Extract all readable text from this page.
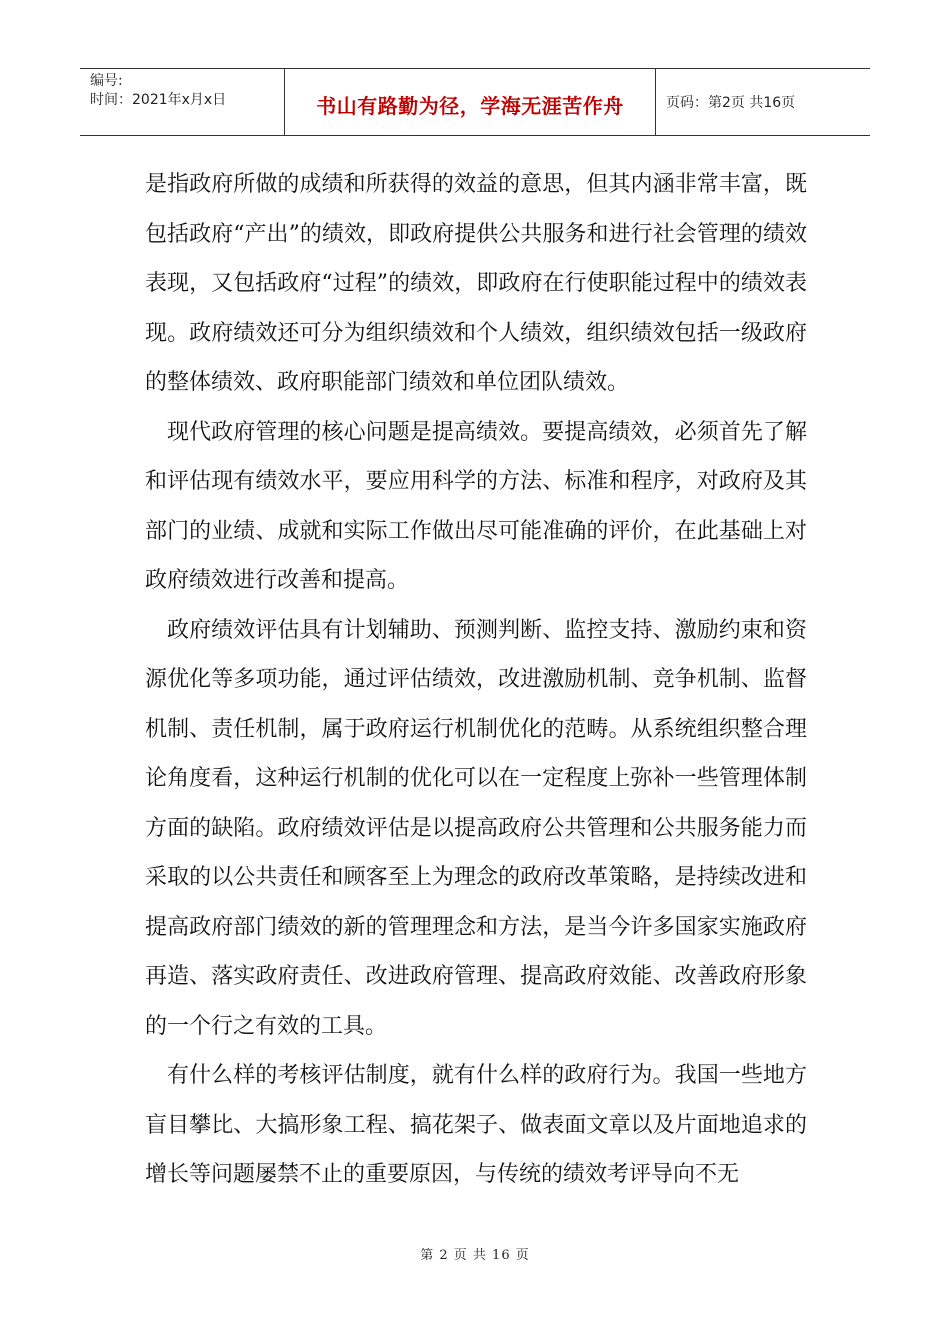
编号:
时间：2021年x月x日	书山有路勤为径，学海无涯苦作舟	页码：第2页 共16页

是指政府所做的成绩和所获得的效益的意思，但其内涵非常丰富，既包括政府“产出”的绩效，即政府提供公共服务和进行社会管理的绩效表现，又包括政府“过程”的绩效，即政府在行使职能过程中的绩效表现。政府绩效还可分为组织绩效和个人绩效，组织绩效包括一级政府的整体绩效、政府职能部门绩效和单位团队绩效。

现代政府管理的核心问题是提高绩效。要提高绩效，必须首先了解和评估现有绩效水平，要应用科学的方法、标准和程序，对政府及其部门的业绩、成就和实际工作做出尽可能准确的评价，在此基础上对政府绩效进行改善和提高。

政府绩效评估具有计划辅助、预测判断、监控支持、激励约束和资源优化等多项功能，通过评估绩效，改进激励机制、竞争机制、监督机制、责任机制，属于政府运行机制优化的范畴。从系统组织整合理论角度看，这种运行机制的优化可以在一定程度上弥补一些管理体制方面的缺陷。政府绩效评估是以提高政府公共管理和公共服务能力而采取的以公共责任和顾客至上为理念的政府改革策略，是持续改进和提高政府部门绩效的新的管理理念和方法，是当今许多国家实施政府再造、落实政府责任、改进政府管理、提高政府效能、改善政府形象的一个行之有效的工具。

有什么样的考核评估制度，就有什么样的政府行为。我国一些地方盲目攀比、大搞形象工程、搞花架子、做表面文章以及片面地追求的增长等问题屡禁不止的重要原因，与传统的绩效考评导向不无

第 2 页 共 16 页
